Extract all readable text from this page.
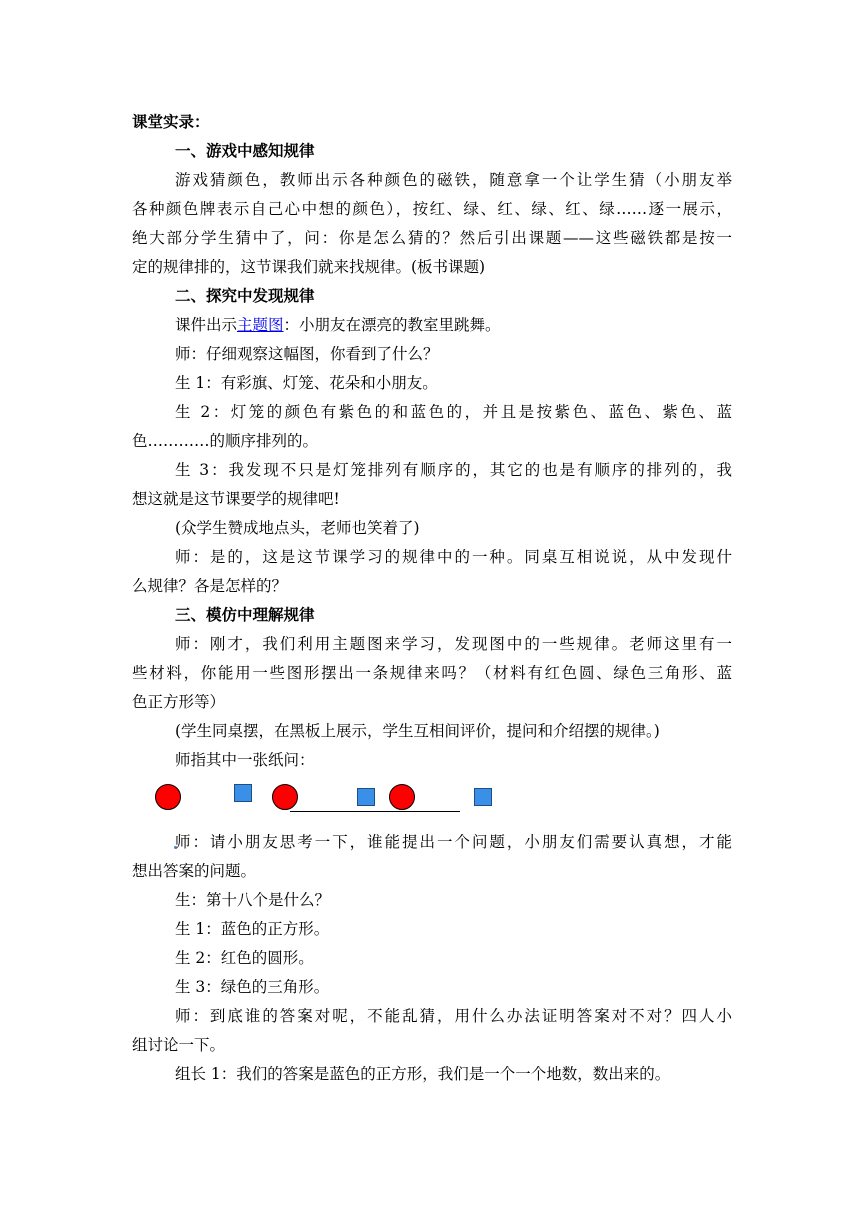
课堂实录：
一、游戏中感知规律
游戏猜颜色，教师出示各种颜色的磁铁，随意拿一个让学生猜（小朋友举
各种颜色牌表示自己心中想的颜色），按红、绿、红、绿、红、绿……逐一展示，
绝大部分学生猜中了，问：你是怎么猜的？然后引出课题——这些磁铁都是按一
定的规律排的，这节课我们就来找规律。(板书课题)
二、探究中发现规律
课件出示主题图：小朋友在漂亮的教室里跳舞。
师：仔细观察这幅图，你看到了什么？
生 1：有彩旗、灯笼、花朵和小朋友。
生 2：灯笼的颜色有紫色的和蓝色的，并且是按紫色、蓝色、紫色、蓝
色…………的顺序排列的。
生 3：我发现不只是灯笼排列有顺序的，其它的也是有顺序的排列的，我
想这就是这节课要学的规律吧!
(众学生赞成地点头，老师也笑着了)
师：是的，这是这节课学习的规律中的一种。同桌互相说说，从中发现什
么规律？各是怎样的？
三、模仿中理解规律
师：刚才，我们利用主题图来学习，发现图中的一些规律。老师这里有一
些材料，你能用一些图形摆出一条规律来吗？（材料有红色圆、绿色三角形、蓝
色正方形等）
(学生同桌摆，在黑板上展示，学生互相间评价，提问和介绍摆的规律。)
师指其中一张纸问：
师：请小朋友思考一下，谁能提出一个问题，小朋友们需要认真想，才能
想出答案的问题。
生：第十八个是什么？
生 1：蓝色的正方形。
生 2：红色的圆形。
生 3：绿色的三角形。
师：到底谁的答案对呢，不能乱猜，用什么办法证明答案对不对？四人小
组讨论一下。
组长 1：我们的答案是蓝色的正方形，我们是一个一个地数，数出来的。
